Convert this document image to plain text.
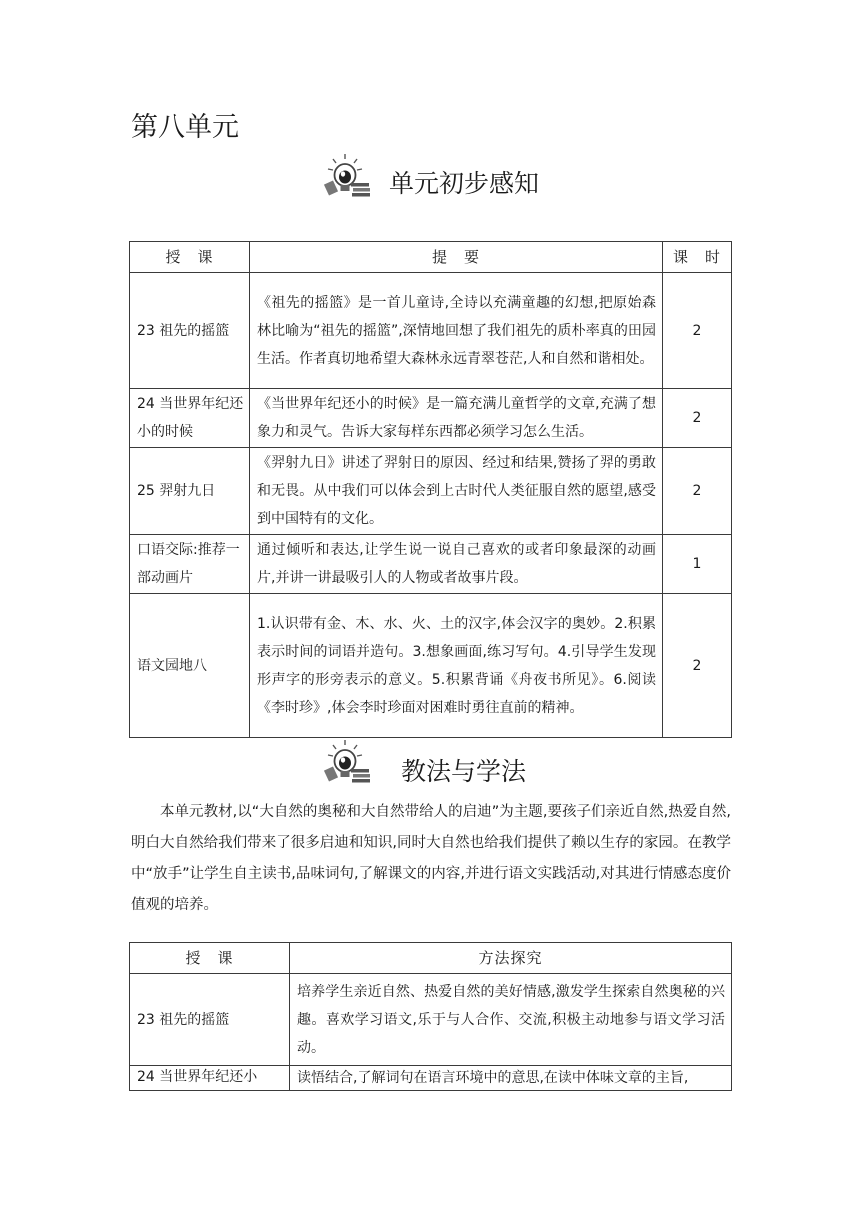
第八单元
单元初步感知
授　课	提　要	课　时
23 祖先的摇篮	《祖先的摇篮》是一首儿童诗,全诗以充满童趣的幻想,把原始森林比喻为“祖先的摇篮”,深情地回想了我们祖先的质朴率真的田园生活。作者真切地希望大森林永远青翠苍茫,人和自然和谐相处。	2
24 当世界年纪还小的时候	《当世界年纪还小的时候》是一篇充满儿童哲学的文章,充满了想象力和灵气。告诉大家每样东西都必须学习怎么生活。	2
25 羿射九日	《羿射九日》讲述了羿射日的原因、经过和结果,赞扬了羿的勇敢和无畏。从中我们可以体会到上古时代人类征服自然的愿望,感受到中国特有的文化。	2
口语交际:推荐一部动画片	通过倾听和表达,让学生说一说自己喜欢的或者印象最深的动画片,并讲一讲最吸引人的人物或者故事片段。	1
语文园地八	1.认识带有金、木、水、火、土的汉字,体会汉字的奥妙。2.积累表示时间的词语并造句。3.想象画面,练习写句。4.引导学生发现形声字的形旁表示的意义。5.积累背诵《舟夜书所见》。6.阅读《李时珍》,体会李时珍面对困难时勇往直前的精神。	2
教法与学法

本单元教材,以“大自然的奥秘和大自然带给人的启迪”为主题,要孩子们亲近自然,热爱自然,明白大自然给我们带来了很多启迪和知识,同时大自然也给我们提供了赖以生存的家园。在教学中“放手”让学生自主读书,品味词句,了解课文的内容,并进行语文实践活动,对其进行情感态度价值观的培养。

授　课	方法探究
23 祖先的摇篮	培养学生亲近自然、热爱自然的美好情感,激发学生探索自然奥秘的兴趣。喜欢学习语文,乐于与人合作、交流,积极主动地参与语文学习活动。
24 当世界年纪还小	读悟结合,了解词句在语言环境中的意思,在读中体味文章的主旨,
